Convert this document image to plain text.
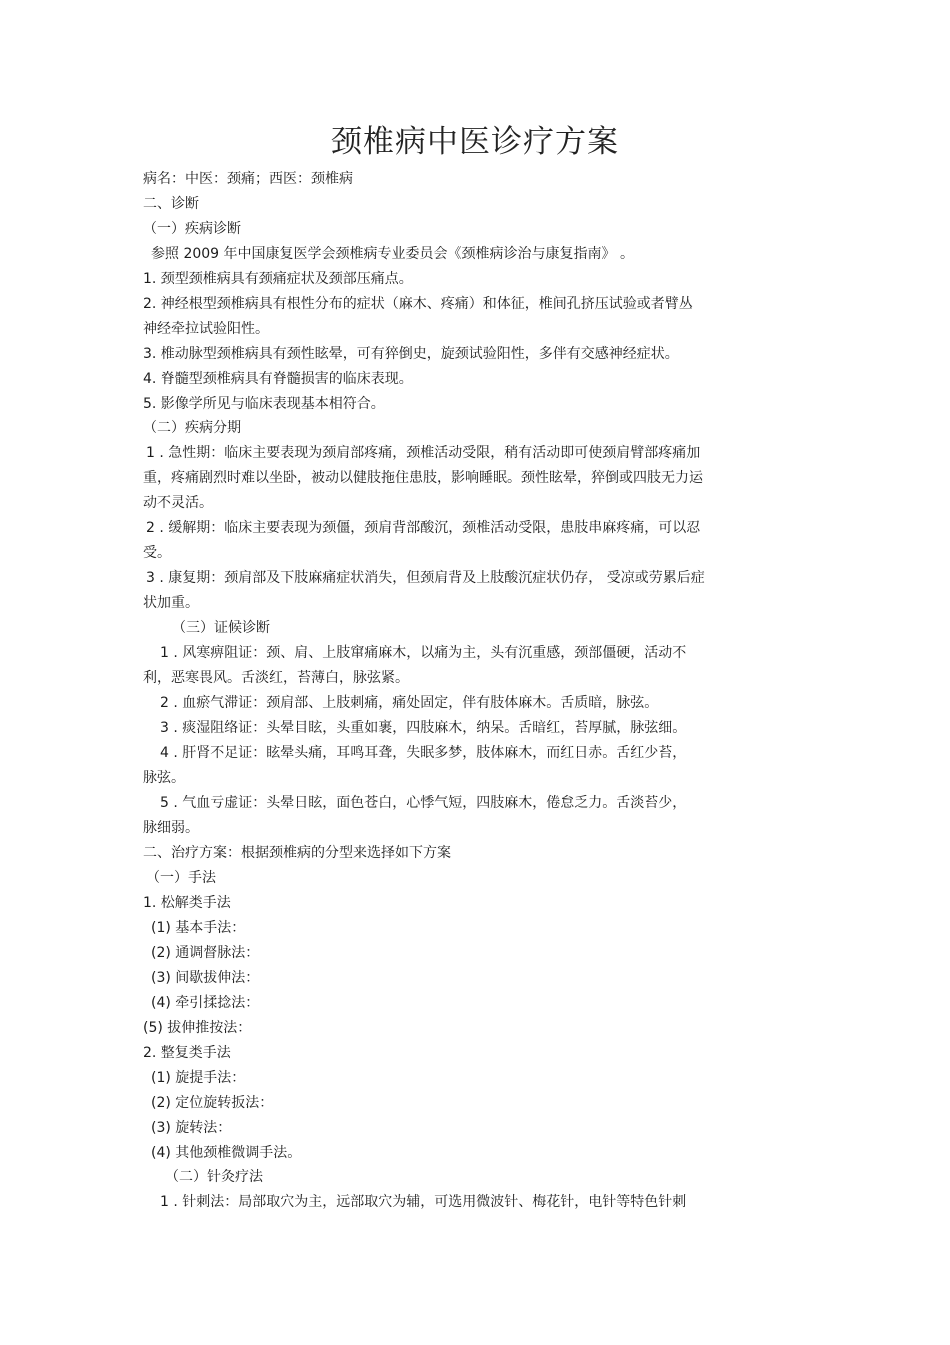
颈椎病中医诊疗方案
病名：中医：颈痛；西医：颈椎病
二、诊断
（一）疾病诊断
参照 2009 年中国康复医学会颈椎病专业委员会《颈椎病诊治与康复指南》 。
1. 颈型颈椎病具有颈痛症状及颈部压痛点。
2. 神经根型颈椎病具有根性分布的症状（麻木、疼痛）和体征，椎间孔挤压试验或者臂丛
神经牵拉试验阳性。
3. 椎动脉型颈椎病具有颈性眩晕，可有猝倒史，旋颈试验阳性，多伴有交感神经症状。
4. 脊髓型颈椎病具有脊髓损害的临床表现。
5. 影像学所见与临床表现基本相符合。
（二）疾病分期
1 . 急性期：临床主要表现为颈肩部疼痛，颈椎活动受限，稍有活动即可使颈肩臂部疼痛加
重，疼痛剧烈时难以坐卧，被动以健肢拖住患肢，影响睡眠。颈性眩晕，猝倒或四肢无力运
动不灵活。
2 . 缓解期：临床主要表现为颈僵，颈肩背部酸沉，颈椎活动受限，患肢串麻疼痛，可以忍
受。
3 . 康复期：颈肩部及下肢麻痛症状消失，但颈肩背及上肢酸沉症状仍存， 受凉或劳累后症
状加重。
（三）证候诊断
1 . 风寒痹阻证：颈、肩、上肢窜痛麻木，以痛为主，头有沉重感，颈部僵硬，活动不
利，恶寒畏风。舌淡红，苔薄白，脉弦紧。
2 . 血瘀气滞证：颈肩部、上肢刺痛，痛处固定，伴有肢体麻木。舌质暗，脉弦。
3 . 痰湿阻络证：头晕目眩，头重如裹，四肢麻木，纳呆。舌暗红，苔厚腻，脉弦细。
4 . 肝肾不足证：眩晕头痛，耳鸣耳聋，失眠多梦，肢体麻木，而红日赤。舌红少苔，
脉弦。
5 . 气血亏虚证：头晕日眩，面色苍白，心悸气短，四肢麻木，倦怠乏力。舌淡苔少，
脉细弱。
二、治疗方案：根据颈椎病的分型来选择如下方案
（一）手法
1. 松解类手法
(1) 基本手法：
(2) 通调督脉法：
(3) 间歇拔伸法：
(4) 牵引揉捻法：
(5) 拔伸推按法：
2. 整复类手法
(1) 旋提手法：
(2) 定位旋转扳法：
(3) 旋转法：
(4) 其他颈椎微调手法。
（二）针灸疗法
1 . 针刺法：局部取穴为主，远部取穴为辅，可选用微波针、梅花针，电针等特色针刺
